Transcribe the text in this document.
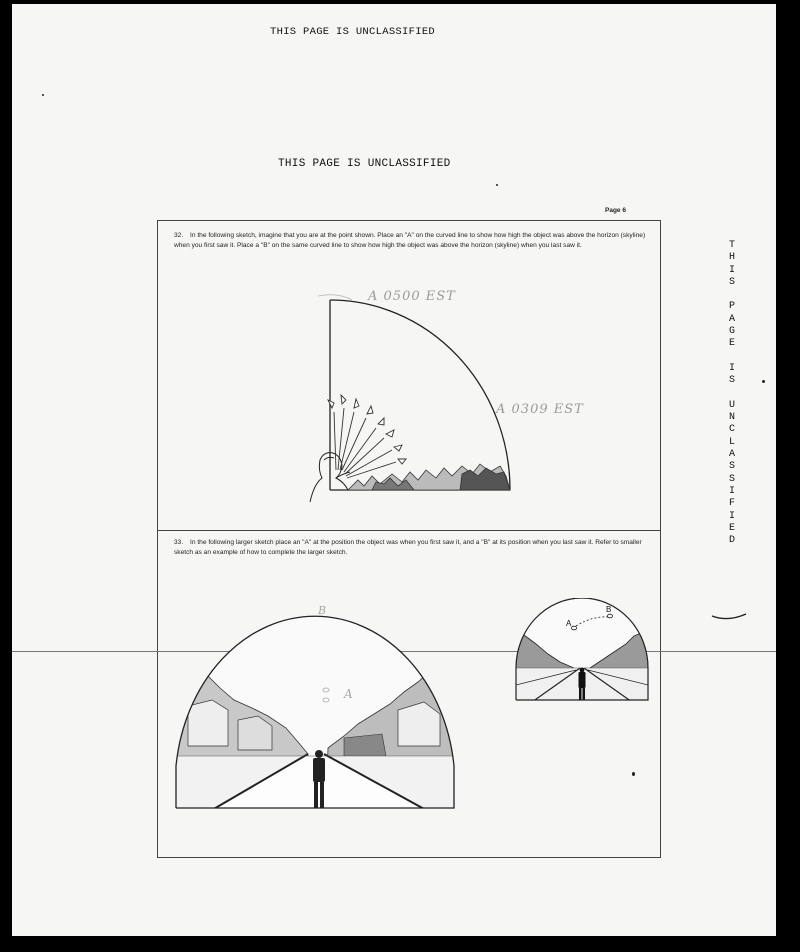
THIS PAGE IS UNCLASSIFIED
THIS PAGE IS UNCLASSIFIED
T
H
I
S

P
A
G
E

I
S

U
N
C
L
A
S
S
I
F
I
E
D
Page 6
32. In the following sketch, imagine that you are at the point shown. Place an "A" on the curved line to show how high the object was above the horizon (skyline) when you first saw it. Place a "B" on the same curved line to show how high the object was above the horizon (skyline) when you last saw it.
A 0500 EST
A 0309 EST
33. In the following larger sketch place an "A" at the position the object was when you first saw it, and a "B" at its position when you last saw it. Refer to smaller sketch as an example of how to complete the larger sketch.
B
A
A
B
